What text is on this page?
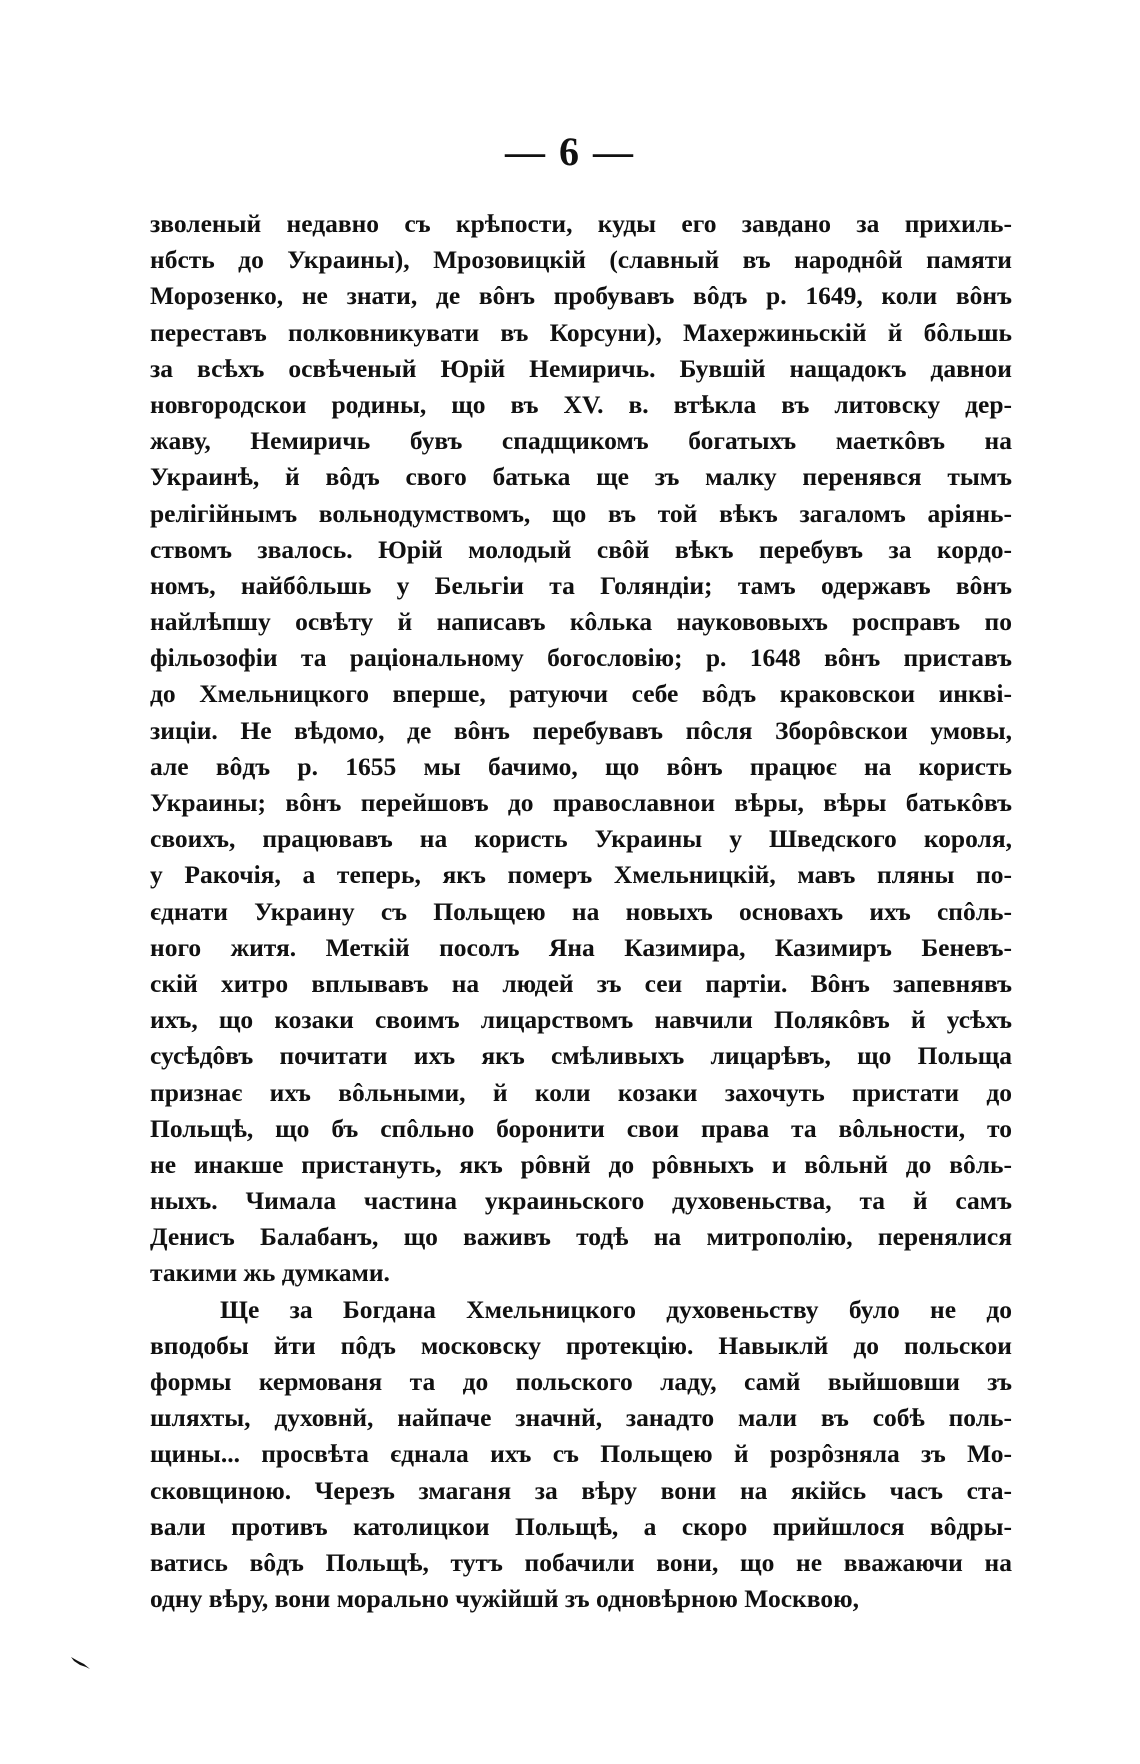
— 6 —
зволеный недавно съ крѣпости, куды его завдано за прихиль-
нбсть до Украины), Мрозовицкій (славный въ народнôй памяти
Морозенко, не знати, де вôнъ пробувавъ вôдъ р. 1649, коли вôнъ
переставъ полковникувати въ Корсуни), Махержиньскій й бôльшь
за всѣхъ освѣченый Юрій Немиричь. Бувшій нащадокъ давнои
новгородскои родины, що въ XV. в. втѣкла въ литовску дер-
жаву, Немиричь бувъ спадщикомъ богатыхъ маеткôвъ на
Украинѣ, й вôдъ свого батька ще зъ малку перенявся тымъ
релігійнымъ вольнодумствомъ, що въ той вѣкъ загаломъ аріянь-
ствомъ звалось. Юрій молодый свôй вѣкъ перебувъ за кордо-
номъ, найбôльшь у Бельгіи та Голяндіи; тамъ одержавъ вôнъ
найлѣпшу освѣту й написавъ кôлька наукововыхъ росправъ по
фільозофіи та раціональному богословію; р. 1648 вôнъ приставъ
до Хмельницкого вперше, ратуючи себе вôдъ краковскои инкві-
зиціи. Не вѣдомо, де вôнъ перебувавъ пôсля Зборôвскои умовы,
але вôдъ р. 1655 мы бачимо, що вôнъ працює на користь
Украины; вôнъ перейшовъ до православнои вѣры, вѣры батькôвъ
своихъ, працювавъ на користь Украины у Шведского короля,
у Ракочія, а теперь, якъ померъ Хмельницкій, мавъ пляны по-
єднати Украину съ Польщею на новыхъ основахъ ихъ спôль-
ного житя. Меткій посолъ Яна Казимира, Казимиръ Беневъ-
скій хитро вплывавъ на людей зъ сеи партіи. Вôнъ запевнявъ
ихъ, що козаки своимъ лицарствомъ навчили Полякôвъ й усѣхъ
сусѣдôвъ почитати ихъ якъ смѣливыхъ лицарѣвъ, що Польща
признає ихъ вôльными, й коли козаки захочуть пристати до
Польщѣ, що бъ спôльно боронити свои права та вôльности, то
не инакше пристануть, якъ рôвнй до рôвныхъ и вôльнй до вôль-
ныхъ. Чимала частина украиньского духовеньства, та й самъ
Денисъ Балабанъ, що важивъ тодѣ на митрополію, перенялися
такими жь думками.
Ще за Богдана Хмельницкого духовеньству було не до
вподобы йти пôдъ московску протекцію. Навыклй до польскои
формы кермованя та до польского ладу, самй выйшовши зъ
шляхты, духовнй, найпаче значнй, занадто мали въ собѣ поль-
щины... просвѣта єднала ихъ съ Польщею й розрôзняла зъ Мо-
сковщиною. Черезъ змаганя за вѣру вони на якійсь часъ ста-
вали противъ католицкои Польщѣ, а скоро прийшлося вôдры-
ватись вôдъ Польщѣ, тутъ побачили вони, що не вважаючи на
одну вѣру, вони морально чужійшй зъ одновѣрною Москвою,
